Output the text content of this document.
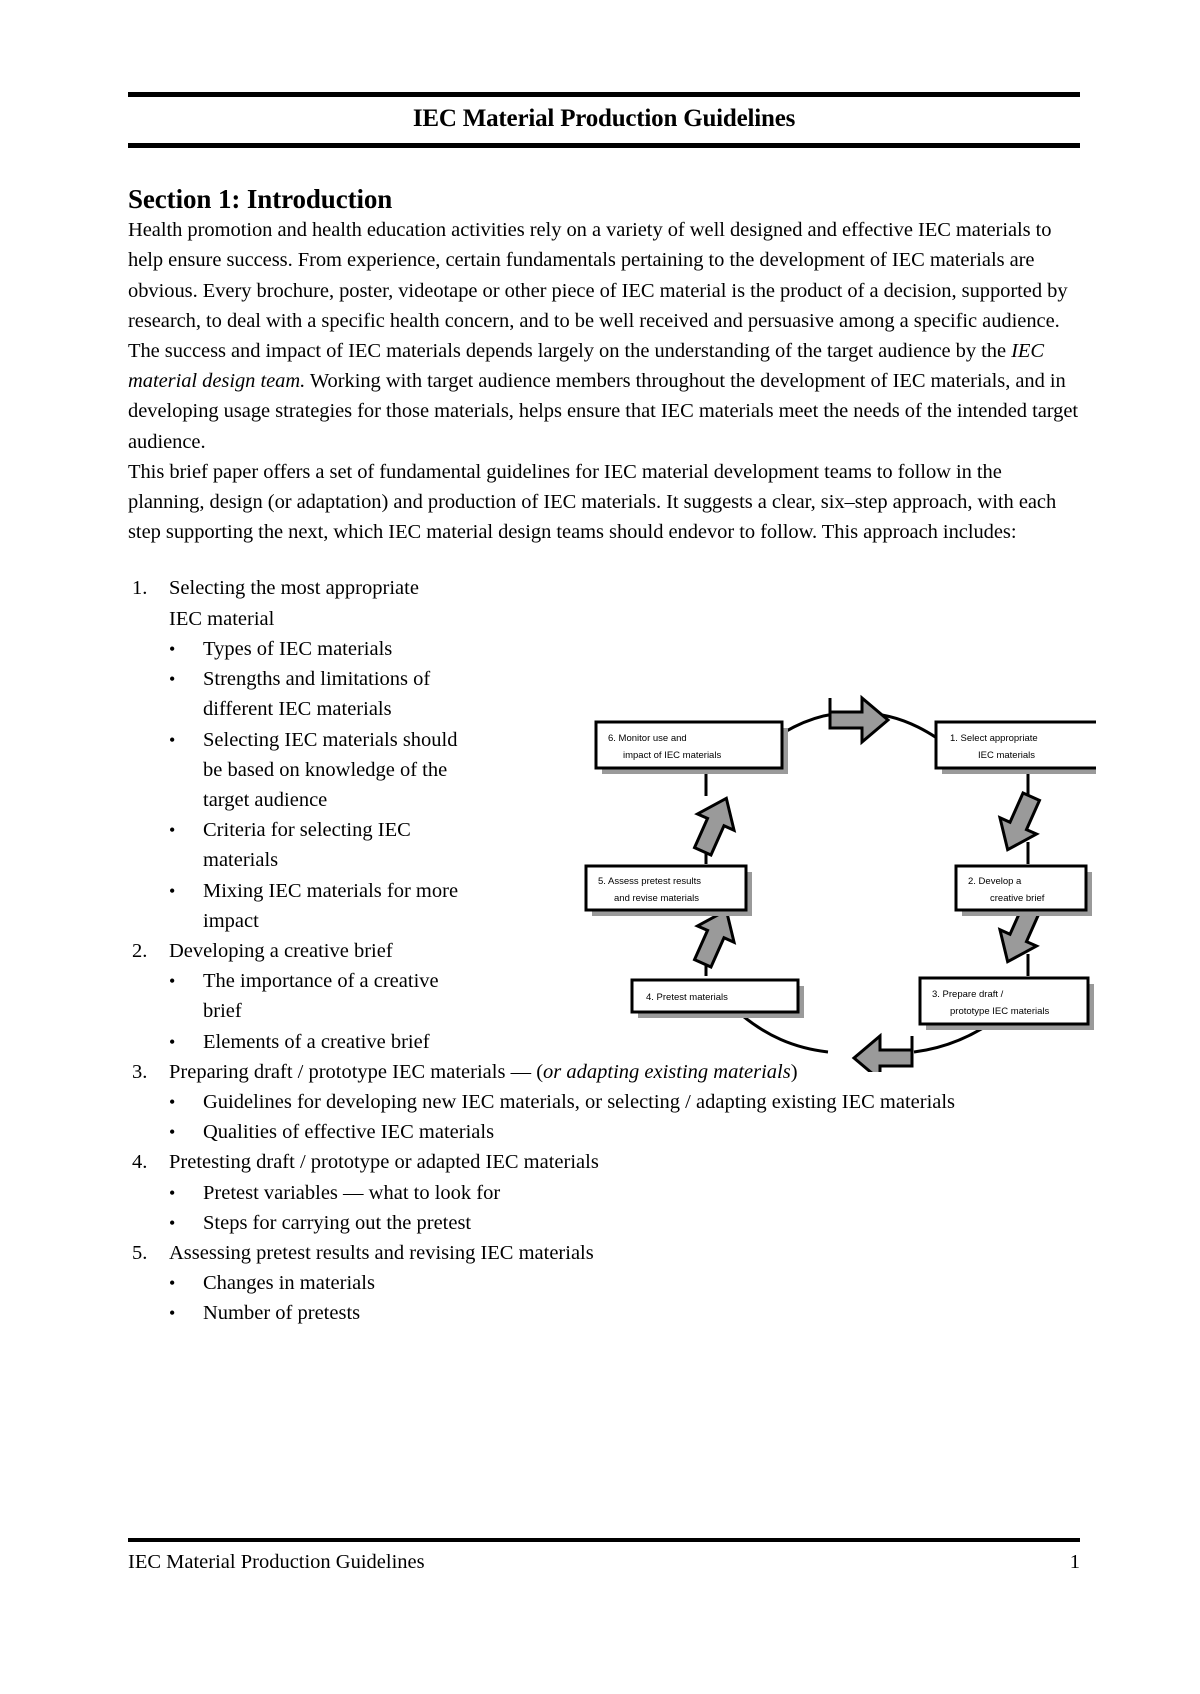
IEC Material Production Guidelines
Section 1: Introduction

Health promotion and health education activities rely on a variety of well designed and effective IEC materials to help ensure success. From experience, certain fundamentals pertaining to the development of IEC materials are obvious. Every brochure, poster, videotape or other piece of IEC material is the product of a decision, supported by research, to deal with a specific health concern, and to be well received and persuasive among a specific audience.

The success and impact of IEC materials depends largely on the understanding of the target audience by the IEC material design team. Working with target audience members throughout the development of IEC materials, and in developing usage strategies for those materials, helps ensure that IEC materials meet the needs of the intended target audience.

This brief paper offers a set of fundamental guidelines for IEC material development teams to follow in the planning, design (or adaptation) and production of IEC materials. It suggests a clear, six–step approach, with each step supporting the next, which IEC material design teams should endevor to follow. This approach includes:

1.	Selecting the most appropriate IEC material
•	Types of IEC materials
•	Strengths and limitations of different IEC materials
•	Selecting IEC materials should be based on knowledge of the target audience
•	Criteria for selecting IEC materials
•	Mixing IEC materials for more impact
2.	Developing a creative brief
•	The importance of a creative brief
•	Elements of a creative brief
3.	Preparing draft / prototype IEC materials — (or adapting existing materials)
•	Guidelines for developing new IEC materials, or selecting / adapting existing IEC materials
•	Qualities of effective IEC materials
4.	Pretesting draft / prototype or adapted IEC materials
•	Pretest variables — what to look for
•	Steps for carrying out the pretest
5.	Assessing pretest results and revising IEC materials
•	Changes in materials
•	Number of pretests
6. Monitor use and
impact of IEC materials
1. Select appropriate
IEC materials
5. Assess pretest results
and revise materials
2. Develop a
creative brief
4. Pretest materials	3. Prepare draft /
prototype IEC materials
IEC Material Production Guidelines	1
